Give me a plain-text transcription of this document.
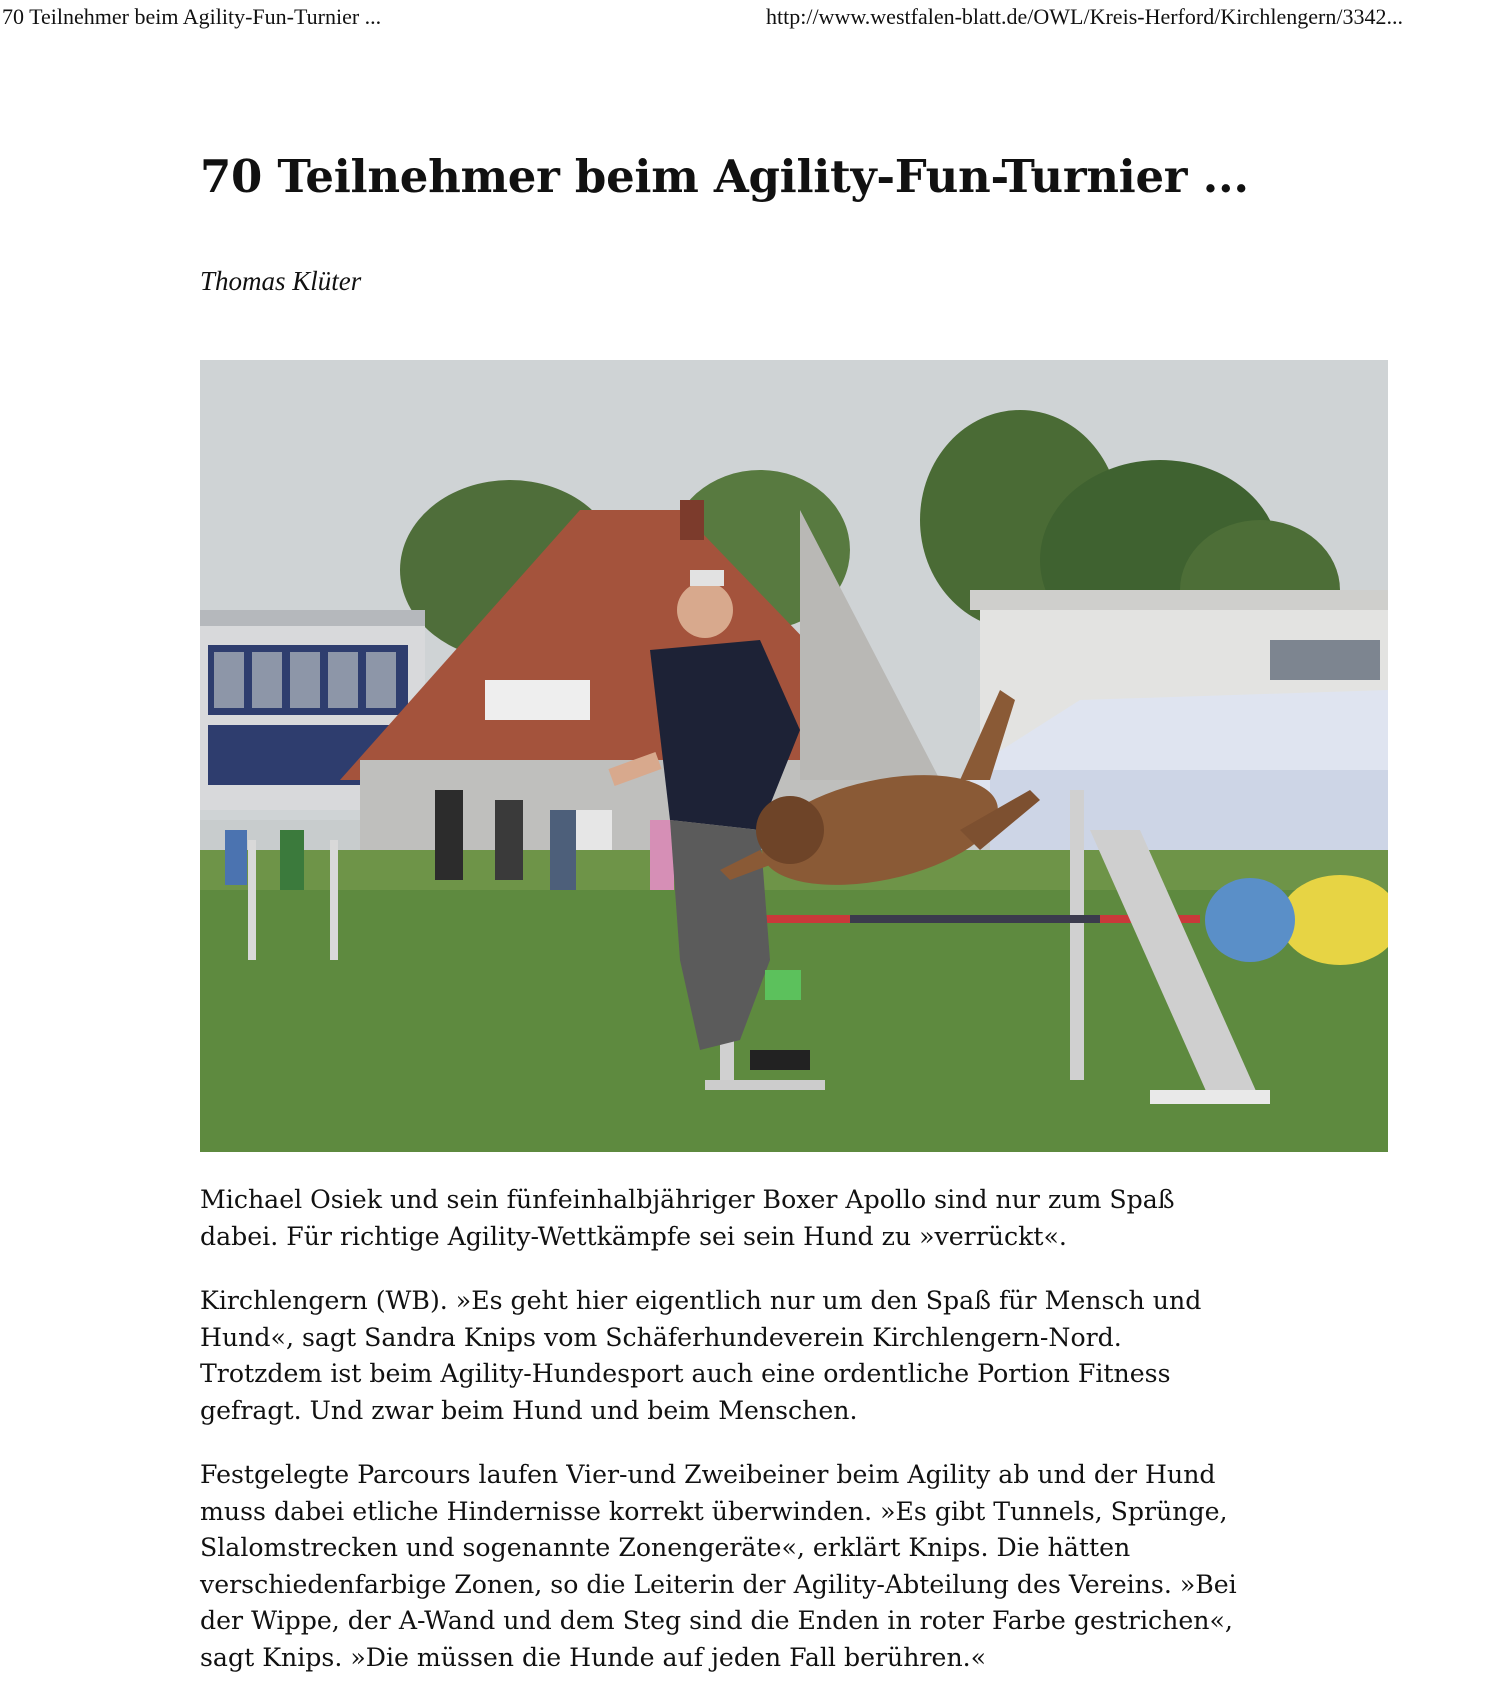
70 Teilnehmer beim Agility-Fun-Turnier ...	http://www.westfalen-blatt.de/OWL/Kreis-Herford/Kirchlengern/3342...
70 Teilnehmer beim Agility-Fun-Turnier ...

Thomas Klüter

Michael Osiek und sein fünfeinhalbjähriger Boxer Apollo sind nur zum Spaß
dabei. Für richtige Agility-Wettkämpfe sei sein Hund zu »verrückt«.

Kirchlengern (WB). »Es geht hier eigentlich nur um den Spaß für Mensch und
Hund«, sagt Sandra Knips vom Schäferhundeverein Kirchlengern-Nord.
Trotzdem ist beim Agility-Hundesport auch eine ordentliche Portion Fitness
gefragt. Und zwar beim Hund und beim Menschen.

Festgelegte Parcours laufen Vier-und Zweibeiner beim Agility ab und der Hund
muss dabei etliche Hindernisse korrekt überwinden. »Es gibt Tunnels, Sprünge,
Slalomstrecken und sogenannte Zonengeräte«, erklärt Knips. Die hätten
verschiedenfarbige Zonen, so die Leiterin der Agility-Abteilung des Vereins. »Bei
der Wippe, der A-Wand und dem Steg sind die Enden in roter Farbe gestrichen«,
sagt Knips. »Die müssen die Hunde auf jeden Fall berühren.«
